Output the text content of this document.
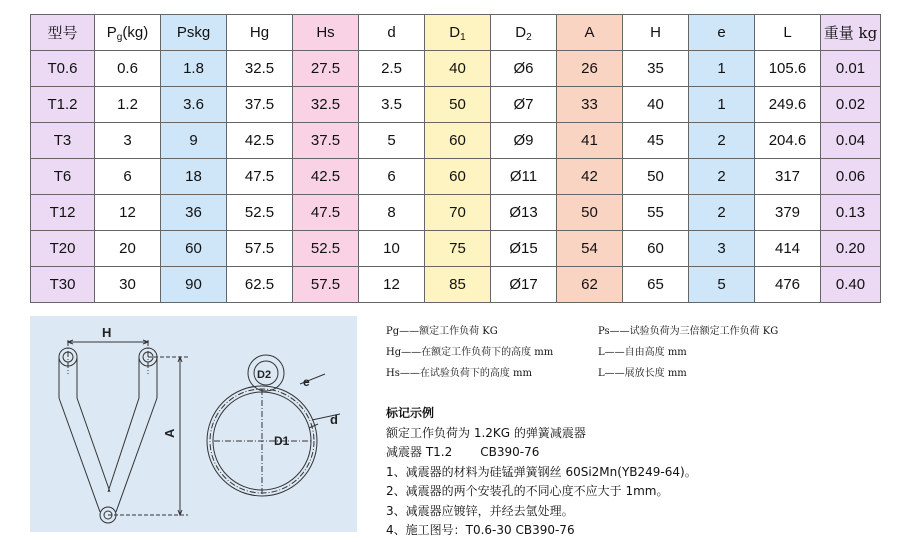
型号	$P_g(kg)$	Pskg	Hg	Hs	d	$D_1$	$D_2$	A	H	e	L	重量 kg
T0.6	0.6	1.8	32.5	27.5	2.5	40	Ø6	26	35	1	105.6	0.01
T1.2	1.2	3.6	37.5	32.5	3.5	50	Ø7	33	40	1	249.6	0.02
T3	3	9	42.5	37.5	5	60	Ø9	41	45	2	204.6	0.04
T6	6	18	47.5	42.5	6	60	Ø11	42	50	2	317	0.06
T12	12	36	52.5	47.5	8	70	Ø13	50	55	2	379	0.13
T20	20	60	57.5	52.5	10	75	Ø15	54	60	3	414	0.20
T30	30	90	62.5	57.5	12	85	Ø17	62	65	5	476	0.40
H
A
D2	e
d
D1
Pg——额定工作负荷 KG	Ps——试验负荷为三倍额定工作负荷 KG
Hg——在额定工作负荷下的高度 mm	L——自由高度 mm
Hs——在试验负荷下的高度 mm	L——展放长度 mm
标记示例
额定工作负荷为 1.2KG 的弹簧减震器
减震器 T1.2 CB390-76
1、减震器的材料为硅锰弹簧钢丝 60Si2Mn(YB249-64)。
2、减震器的两个安装孔的不同心度不应大于 1mm。
3、减震器应镀锌，并经去氫处理。
4、施工图号：T0.6-30 CB390-76
